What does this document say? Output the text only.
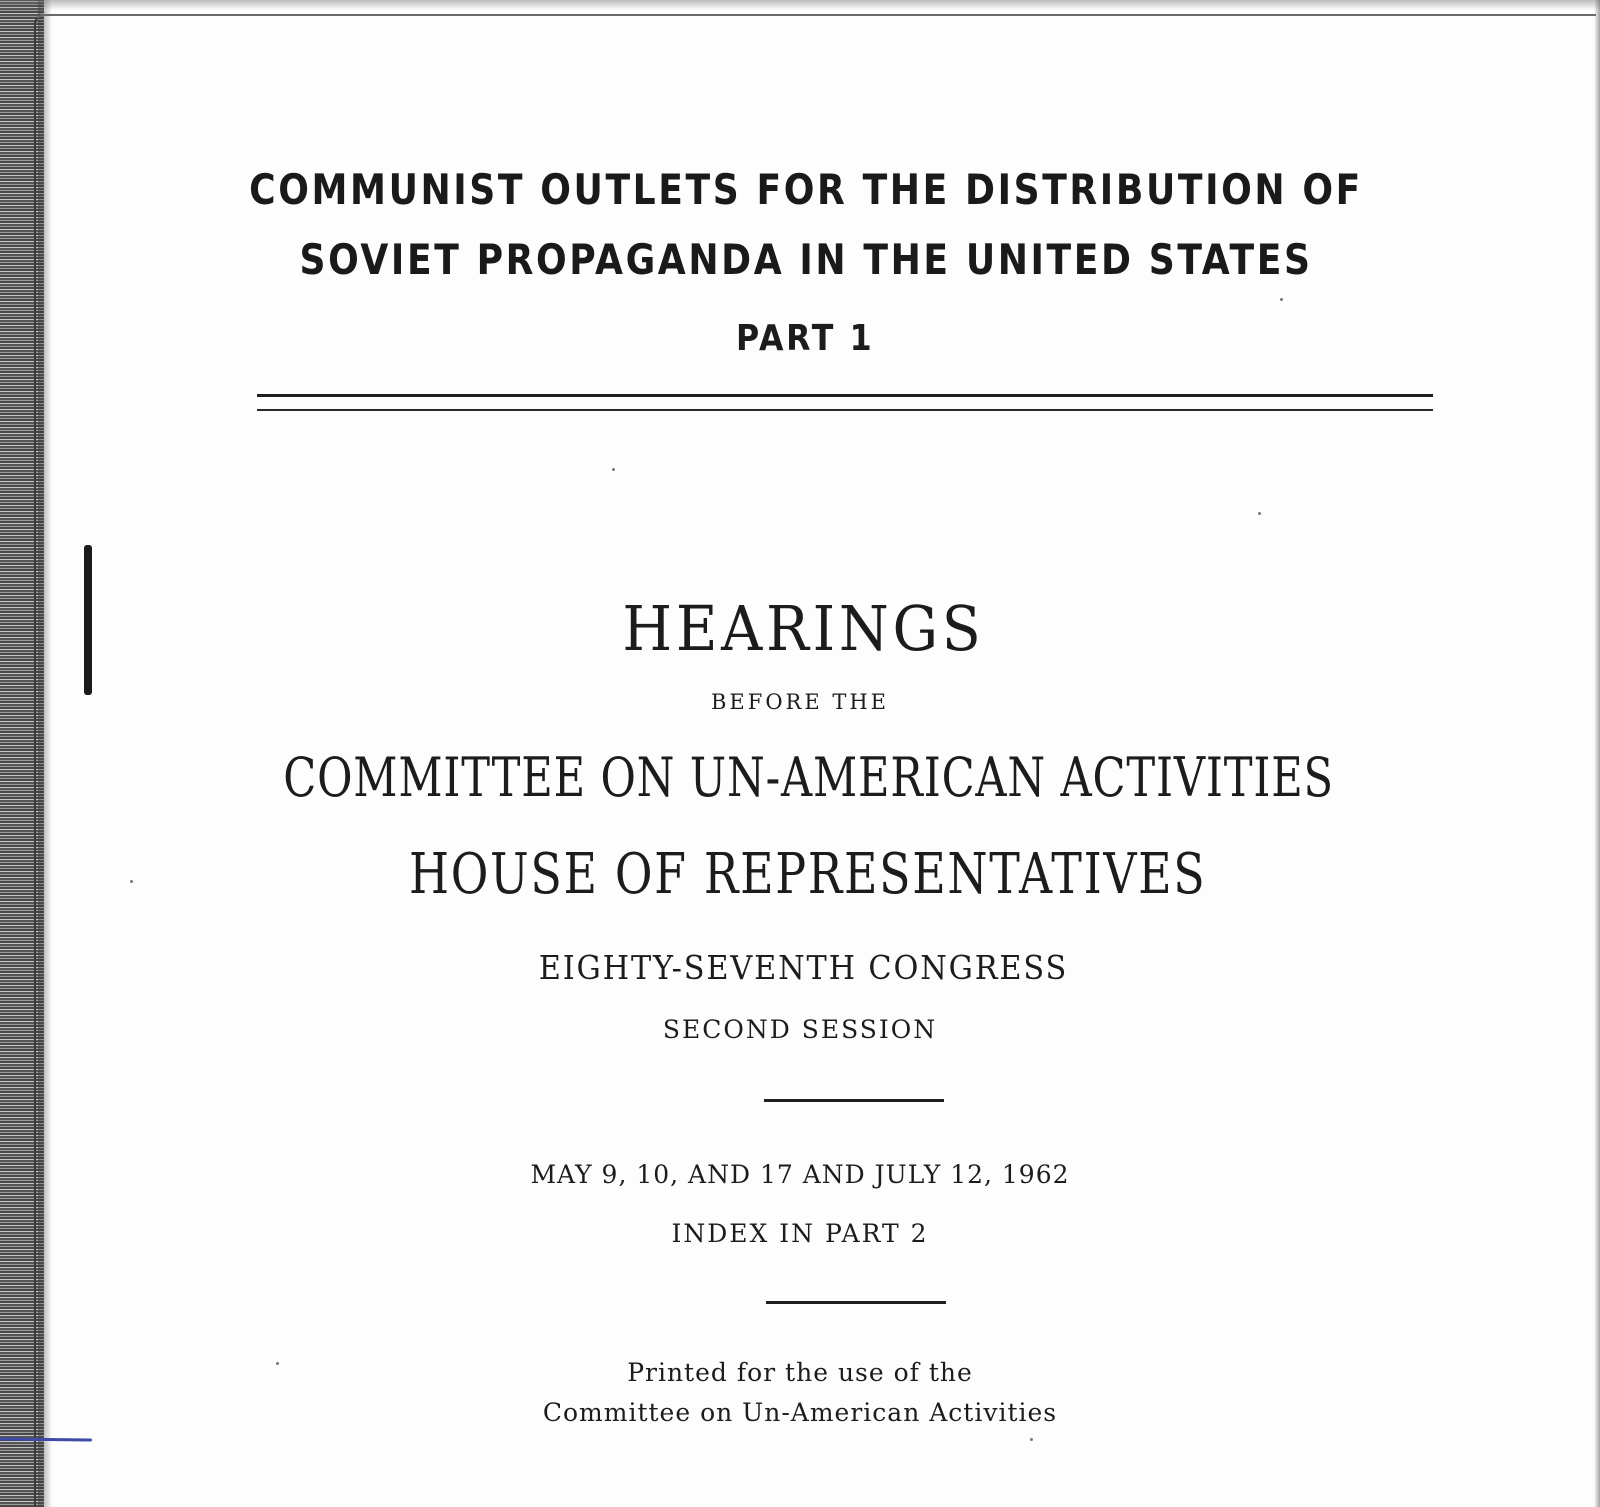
COMMUNIST OUTLETS FOR THE DISTRIBUTION OF

SOVIET PROPAGANDA IN THE UNITED STATES

PART 1

HEARINGS

BEFORE THE

COMMITTEE ON UN-AMERICAN ACTIVITIES

HOUSE OF REPRESENTATIVES

EIGHTY-SEVENTH CONGRESS

SECOND SESSION

MAY 9, 10, AND 17 AND JULY 12, 1962

INDEX IN PART 2

Printed for the use of the

Committee on Un-American Activities
